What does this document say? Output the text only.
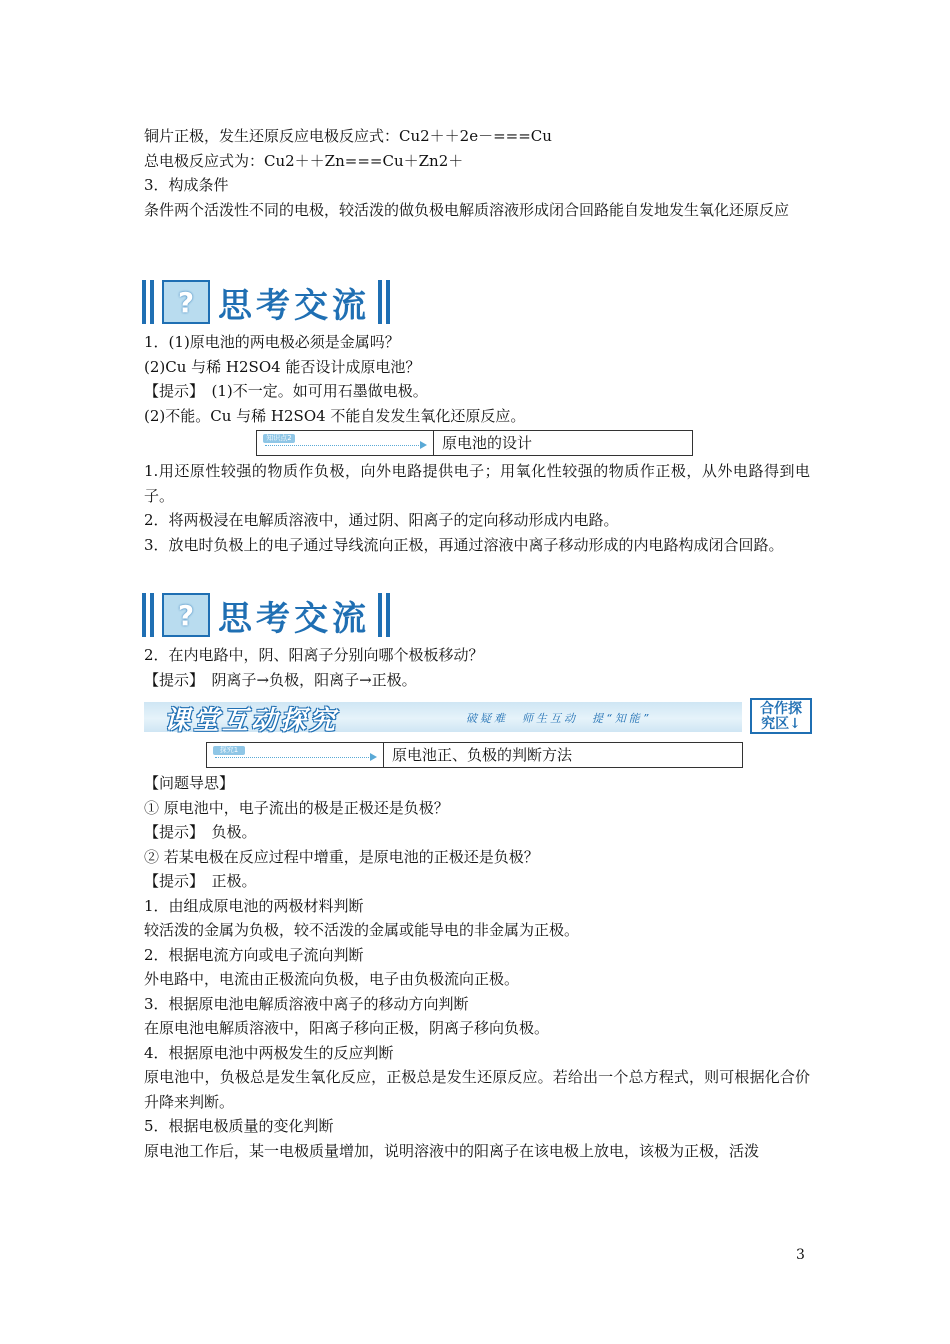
铜片正极，发生还原反应电极反应式：Cu2＋＋2e－===Cu
总电极反应式为：Cu2＋＋Zn===Cu＋Zn2＋
3．构成条件
条件两个活泼性不同的电极，较活泼的做负极电解质溶液形成闭合回路能自发地发生氧化还原反应
? 思考交流
1．(1)原电池的两电极必须是金属吗？
(2)Cu 与稀 H2SO4 能否设计成原电池？
【提示】　(1)不一定。如可用石墨做电极。
(2)不能。Cu 与稀 H2SO4 不能自发发生氧化还原反应。
知识点2	原电池的设计
1.用还原性较强的物质作负极，向外电路提供电子；用氧化性较强的物质作正极，从外电路得到电子。
2．将两极浸在电解质溶液中，通过阴、阳离子的定向移动形成内电路。
3．放电时负极上的电子通过导线流向正极，再通过溶液中离子移动形成的内电路构成闭合回路。
? 思考交流
2．在内电路中，阴、阳离子分别向哪个极板移动？
【提示】　阴离子→负极，阳离子→正极。
课堂互动探究	破疑难　师生互动　提“知能”
合作探
究区↓
探究1	原电池正、负极的判断方法
【问题导思】
① 原电池中，电子流出的极是正极还是负极？
【提示】　负极。
② 若某电极在反应过程中增重，是原电池的正极还是负极？
【提示】　正极。
1．由组成原电池的两极材料判断
较活泼的金属为负极，较不活泼的金属或能导电的非金属为正极。
2．根据电流方向或电子流向判断
外电路中，电流由正极流向负极，电子由负极流向正极。
3．根据原电池电解质溶液中离子的移动方向判断
在原电池电解质溶液中，阳离子移向正极，阴离子移向负极。
4．根据原电池中两极发生的反应判断
原电池中，负极总是发生氧化反应，正极总是发生还原反应。若给出一个总方程式，则可根据化合价升降来判断。
5．根据电极质量的变化判断
原电池工作后，某一电极质量增加，说明溶液中的阳离子在该电极上放电，该极为正极，活泼
3
